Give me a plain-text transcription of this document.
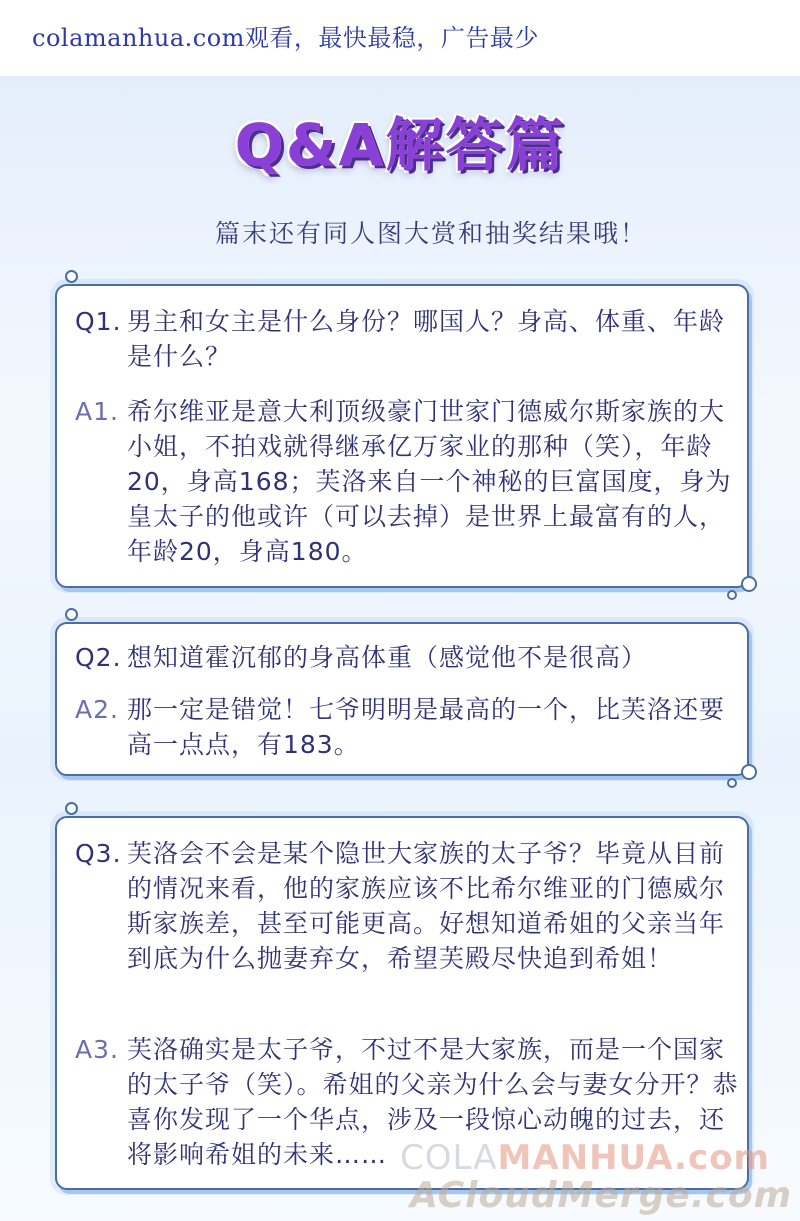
colamanhua.com观看，最快最稳，广告最少
Q&A解答篇
篇末还有同人图大赏和抽奖结果哦！
Q1. 男主和女主是什么身份？哪国人？身高、体重、年龄是什么？
A1. 希尔维亚是意大利顶级豪门世家门德威尔斯家族的大小姐，不拍戏就得继承亿万家业的那种（笑），年龄20，身高168；芙洛来自一个神秘的巨富国度，身为皇太子的他或许（可以去掉）是世界上最富有的人，年龄20，身高180。
Q2. 想知道霍沉郁的身高体重（感觉他不是很高）
A2. 那一定是错觉！七爷明明是最高的一个，比芙洛还要高一点点，有183。
Q3. 芙洛会不会是某个隐世大家族的太子爷？毕竟从目前的情况来看，他的家族应该不比希尔维亚的门德威尔斯家族差，甚至可能更高。好想知道希姐的父亲当年到底为什么抛妻弃女，希望芙殿尽快追到希姐！
A3. 芙洛确实是太子爷，不过不是大家族，而是一个国家的太子爷（笑）。希姐的父亲为什么会与妻女分开？恭喜你发现了一个华点，涉及一段惊心动魄的过去，还将影响希姐的未来…… COLAMANHUA.com
ACloudMerge.com
